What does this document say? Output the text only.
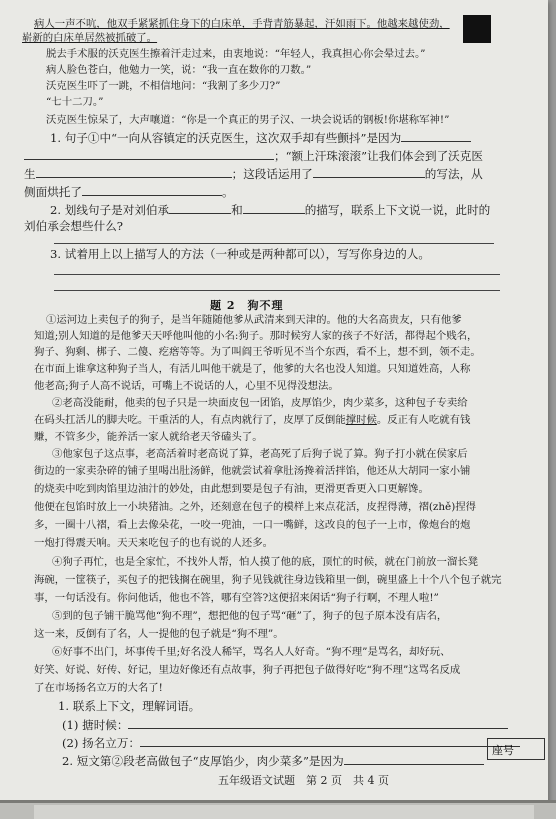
病人一声不吭，他双手紧紧抓住身下的白床单，手背青筋暴起，汗如雨下。他越来越使劲，
崭新的白床单居然被抓破了。
脱去手术服的沃克医生擦着汗走过来，由衷地说：“年轻人，我真担心你会晕过去。”
病人脸色苍白，他勉力一笑，说：“我一直在数你的刀数。”
沃克医生吓了一跳，不相信地问：“我割了多少刀?”
“七十二刀。”
沃克医生惊呆了，大声嚷道：“你是一个真正的男子汉、一块会说话的钢板!你堪称军神!”
1. 句子①中“一向从容镇定的沃克医生，这次双手却有些颤抖”是因为
；“额上汗珠滚滚”让我们体会到了沃克医
生	；这段话运用了	的写法，从
侧面烘托了	。
2. 划线句子是对刘伯承	和	的描写，联系上下文说一说，此时的
刘伯承会想些什么?
3. 试着用上以上描写人的方法（一种或是两种都可以），写写你身边的人。
题 2　狗不理
①运河边上卖包子的狗子，是当年随随他爹从武清来到天津的。他的大名高贵友，只有他爹
知道;别人知道的是他爹天天呼他叫他的小名:狗子。那时候穷人家的孩子不好活，都得起个贱名，
狗子、狗剩、梆子、二傻、疙瘩等等。为了叫阎王爷听见不当个东西，看不上，想不到，领不走。
在市面上谁拿这种狗子当人，有活儿叫他干就是了，他爹的大名也没人知道。只知道姓高，人称
他老高;狗子人高不说话，可嘴上不说话的人，心里不见得没想法。
②老高没能耐，他卖的包子只是一块面皮包一团馅，皮厚馅少，肉少菜多，这种包子专卖给
在码头扛活儿的脚夫吃。干重活的人，有点肉就行了，皮厚了反倒能撑时候。反正有人吃就有钱
赚，不管多少，能养活一家人就给老天爷磕头了。
③他家包子这点事，老高活着时老高说了算，老高死了后狗子说了算。狗子打小就在侯家后
街边的一家卖杂碎的铺子里喝出肚汤鲜，他就尝试着拿肚汤搀着活拌馅，他还从大胡同一家小铺
的烧卖中吃到肉馅里边油汁的妙处，由此想到要是包子有油，更滑更香更入口更解馋。
他便在包馅时放上一小块猪油。之外，还刻意在包子的模样上来点花活，皮捏得薄，褶(zhě)捏得
多，一圈十八褶，看上去像朵花，一咬一兜油，一口一嘴鲜，这改良的包子一上市，像炮台的炮
一炮打得震天响。天天来吃包子的也有说的人还多。
④狗子再忙，也是全家忙，不找外人帮，怕人摸了他的底，顶忙的时候，就在门前放一溜长凳
海碗，一筐筷子，买包子的把钱搁在碗里，狗子见钱就往身边钱箱里一倒，碗里盛上十个八个包子就完
事，一句话没有。你问他话，他也不答，哪有空答?这便招来闲话“狗子行啊，不理人啦!”
⑤到的包子铺干脆骂他“狗不理”，想把他的包子骂“砸”了，狗子的包子原本没有店名，
这一来，反倒有了名，人一提他的包子就是“狗不理”。
⑥好事不出门，坏事传千里;好名没人稀罕，骂名人人好奇。“狗不理”是骂名，却好玩、
好笑、好说、好传、好记，里边好像还有点故事，狗子再把包子做得好吃“狗不理”这骂名反成
了在市场扬名立万的大名了!
1. 联系上下文，理解词语。
(1) 搪时候：
(2) 扬名立万：
2. 短文第②段老高做包子“皮厚馅少，肉少菜多”是因为
五年级语文试题　第 2 页　共 4 页
座号
